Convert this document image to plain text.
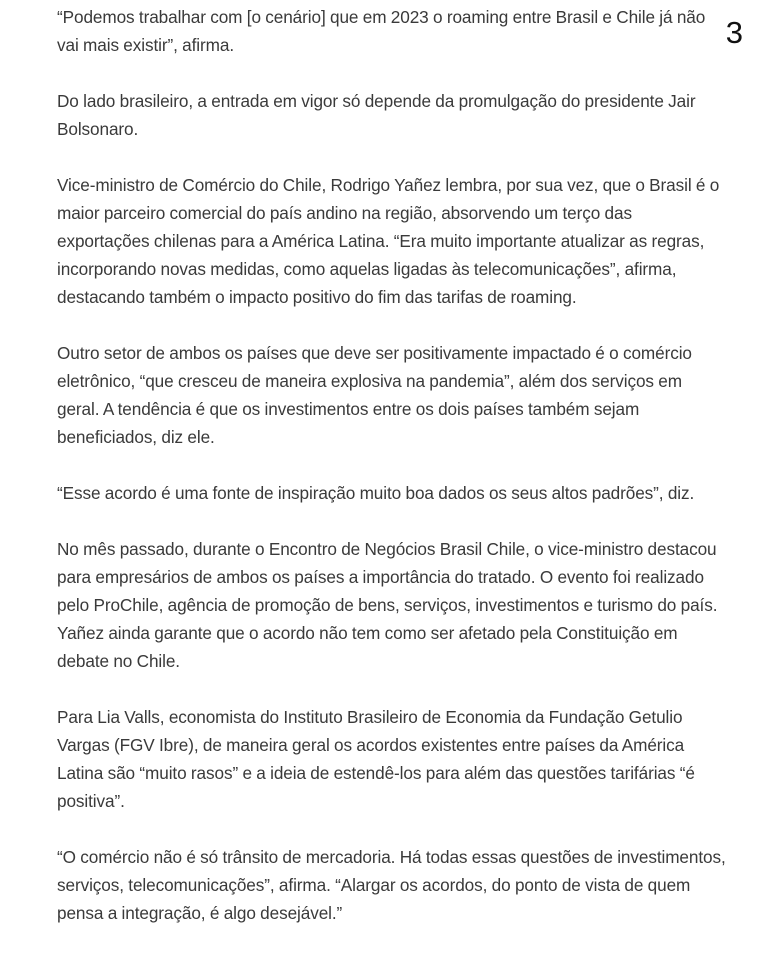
“Podemos trabalhar com [o cenário] que em 2023 o roaming entre Brasil e Chile já não vai mais existir”, afirma.

Do lado brasileiro, a entrada em vigor só depende da promulgação do presidente Jair Bolsonaro.

Vice-ministro de Comércio do Chile, Rodrigo Yañez lembra, por sua vez, que o Brasil é o maior parceiro comercial do país andino na região, absorvendo um terço das exportações chilenas para a América Latina. “Era muito importante atualizar as regras, incorporando novas medidas, como aquelas ligadas às telecomunicações”, afirma, destacando também o impacto positivo do fim das tarifas de roaming.

Outro setor de ambos os países que deve ser positivamente impactado é o comércio eletrônico, “que cresceu de maneira explosiva na pandemia”, além dos serviços em geral. A tendência é que os investimentos entre os dois países também sejam beneficiados, diz ele.

“Esse acordo é uma fonte de inspiração muito boa dados os seus altos padrões”, diz.

No mês passado, durante o Encontro de Negócios Brasil Chile, o vice-ministro destacou para empresários de ambos os países a importância do tratado. O evento foi realizado pelo ProChile, agência de promoção de bens, serviços, investimentos e turismo do país. Yañez ainda garante que o acordo não tem como ser afetado pela Constituição em debate no Chile.

Para Lia Valls, economista do Instituto Brasileiro de Economia da Fundação Getulio Vargas (FGV Ibre), de maneira geral os acordos existentes entre países da América Latina são “muito rasos” e a ideia de estendê-los para além das questões tarifárias “é positiva”.

“O comércio não é só trânsito de mercadoria. Há todas essas questões de investimentos, serviços, telecomunicações”, afirma. “Alargar os acordos, do ponto de vista de quem pensa a integração, é algo desejável.”

3
